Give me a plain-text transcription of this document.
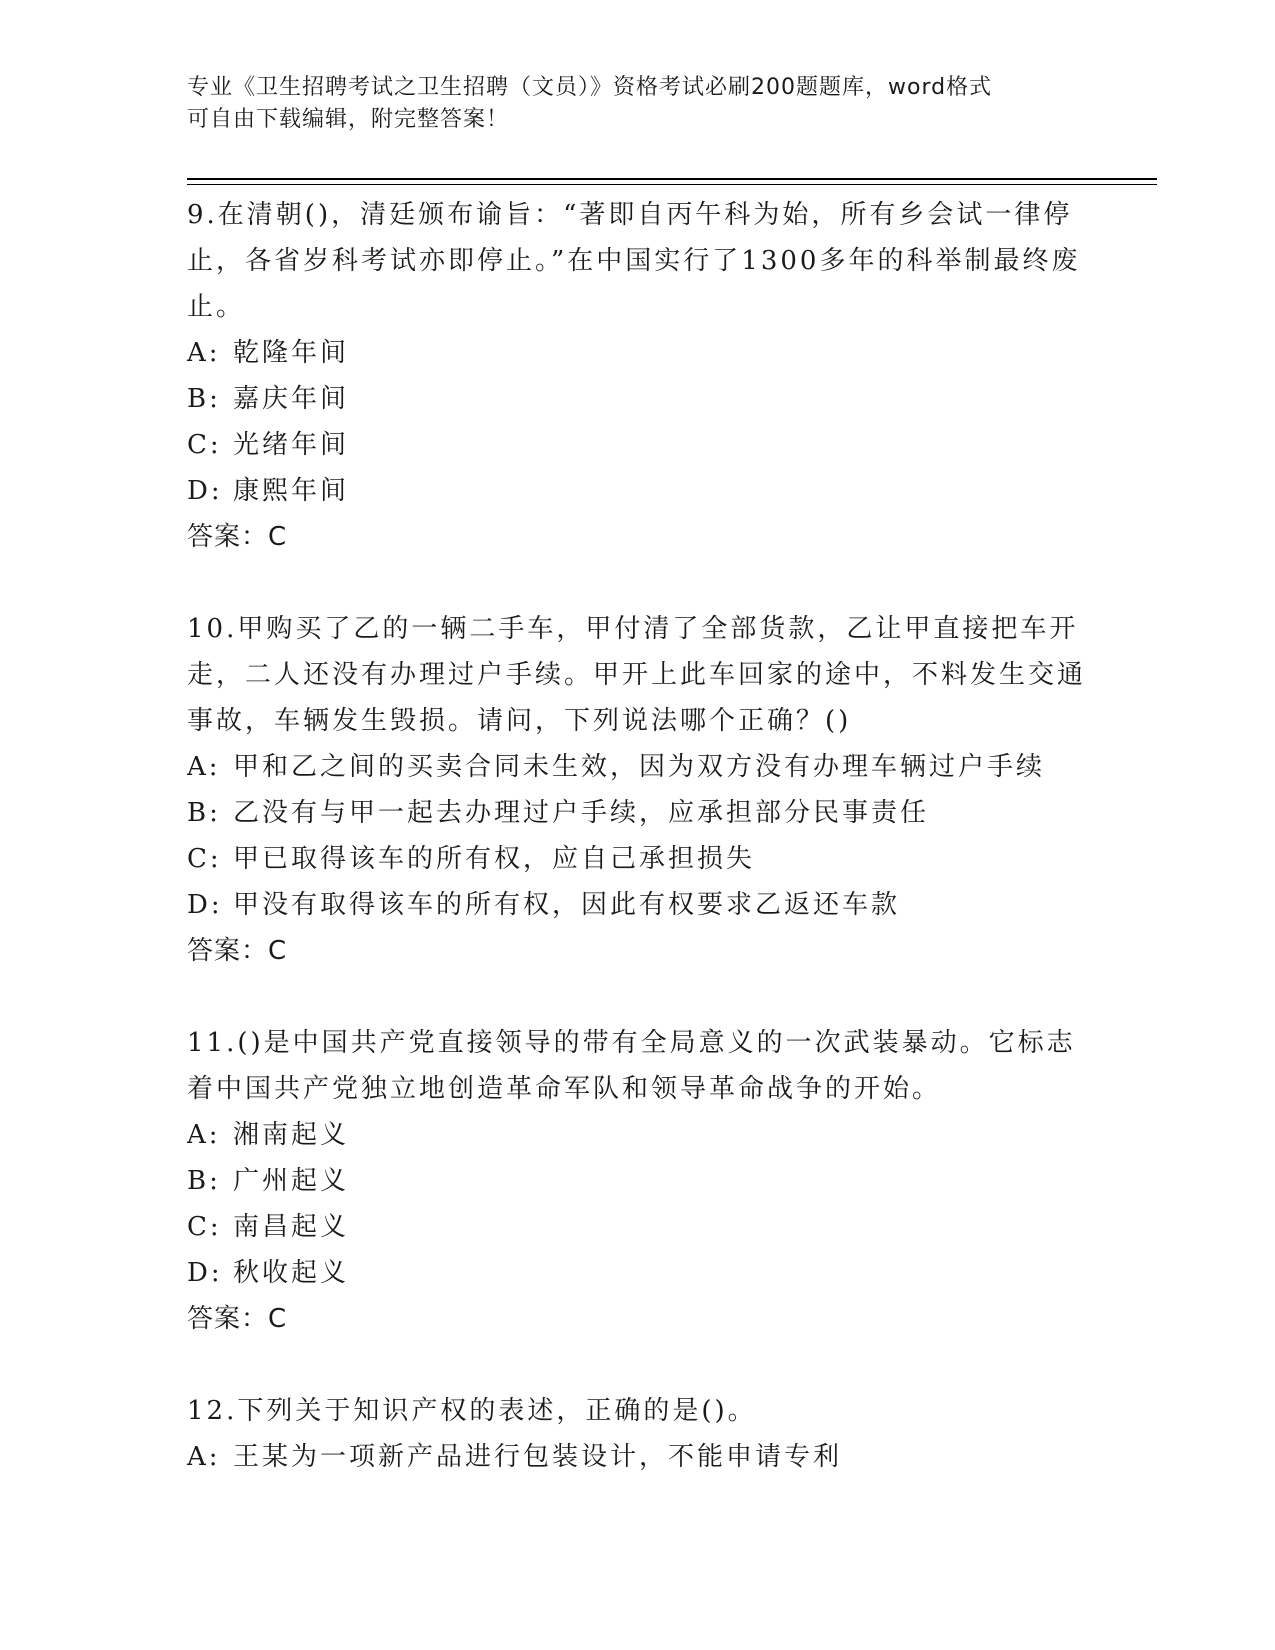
专业《卫生招聘考试之卫生招聘（文员）》资格考试必刷200题题库，word格式
可自由下载编辑，附完整答案！
9.在清朝()，清廷颁布谕旨：“著即自丙午科为始，所有乡会试一律停止，各省岁科考试亦即停止。”在中国实行了1300多年的科举制最终废止。
A: 乾隆年间
B: 嘉庆年间
C: 光绪年间
D: 康熙年间
答案：C
10.甲购买了乙的一辆二手车，甲付清了全部货款，乙让甲直接把车开走，二人还没有办理过户手续。甲开上此车回家的途中，不料发生交通事故，车辆发生毁损。请问，下列说法哪个正确？()
A: 甲和乙之间的买卖合同未生效，因为双方没有办理车辆过户手续
B: 乙没有与甲一起去办理过户手续，应承担部分民事责任
C: 甲已取得该车的所有权，应自己承担损失
D: 甲没有取得该车的所有权，因此有权要求乙返还车款
答案：C
11.()是中国共产党直接领导的带有全局意义的一次武装暴动。它标志着中国共产党独立地创造革命军队和领导革命战争的开始。
A: 湘南起义
B: 广州起义
C: 南昌起义
D: 秋收起义
答案：C
12.下列关于知识产权的表述，正确的是()。
A: 王某为一项新产品进行包装设计，不能申请专利
